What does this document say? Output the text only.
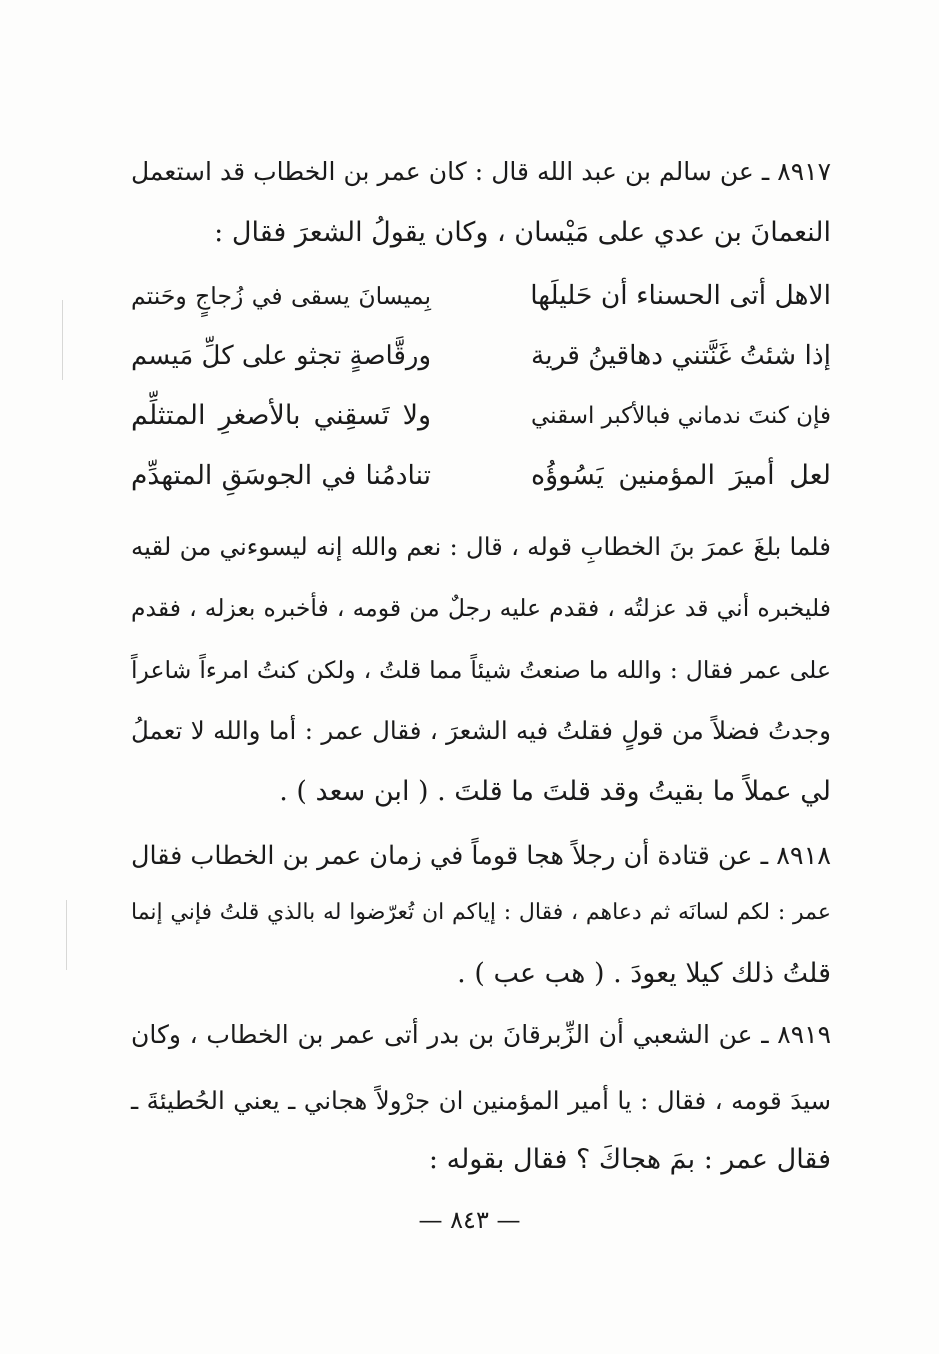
٨٩١٧ ـ عن سالم بن عبد الله قال : كان عمر بن الخطاب قد استعمل
النعمانَ بن عدي على مَيْسان ، وكان يقولُ الشعرَ فقال :
الاهل أتى الحسناء أن حَليلَها
بِميسانَ يسقى في زُجاجٍ وحَنتم
إذا شئتُ غَنَّتني دهاقينُ قرية
ورقَّاصةٍ تجثو على كلِّ مَيسم
فإن كنتَ ندماني فبالأكبر اسقني
ولا تَسقِني بالأصغرِ المتثلِّم
لعل أميرَ المؤمنين يَسُوؤُه
تنادمُنا في الجوسَقِ المتهدِّم
فلما بلغَ عمرَ بنَ الخطابِ قوله ، قال : نعم والله إنه ليسوءني من لقيه
فليخبره أني قد عزلتُه ، فقدم عليه رجلٌ من قومه ، فأخبره بعزله ، فقدم
على عمر فقال : والله ما صنعتُ شيئاً مما قلتُ ، ولكن كنتُ امرءاً شاعراً
وجدتُ فضلاً من قولٍ فقلتُ فيه الشعرَ ، فقال عمر : أما والله لا تعملُ
لي عملاً ما بقيتُ وقد قلتَ ما قلتَ . ( ابن سعد ) .
٨٩١٨ ـ عن قتادة أن رجلاً هجا قوماً في زمان عمر بن الخطاب فقال
عمر : لكم لسانَه ثم دعاهم ، فقال : إياكم ان تُعرّضوا له بالذي قلتُ فإني إنما
قلتُ ذلك كيلا يعودَ . ( هب عب ) .
٨٩١٩ ـ عن الشعبي أن الزِّبرقانَ بن بدر أتى عمر بن الخطاب ، وكان
سيدَ قومه ، فقال : يا أمير المؤمنين ان جرْولاً هجاني ـ يعني الحُطيئةَ ـ
فقال عمر : بمَ هجاكَ ؟ فقال بقوله :
— ٨٤٣ —
